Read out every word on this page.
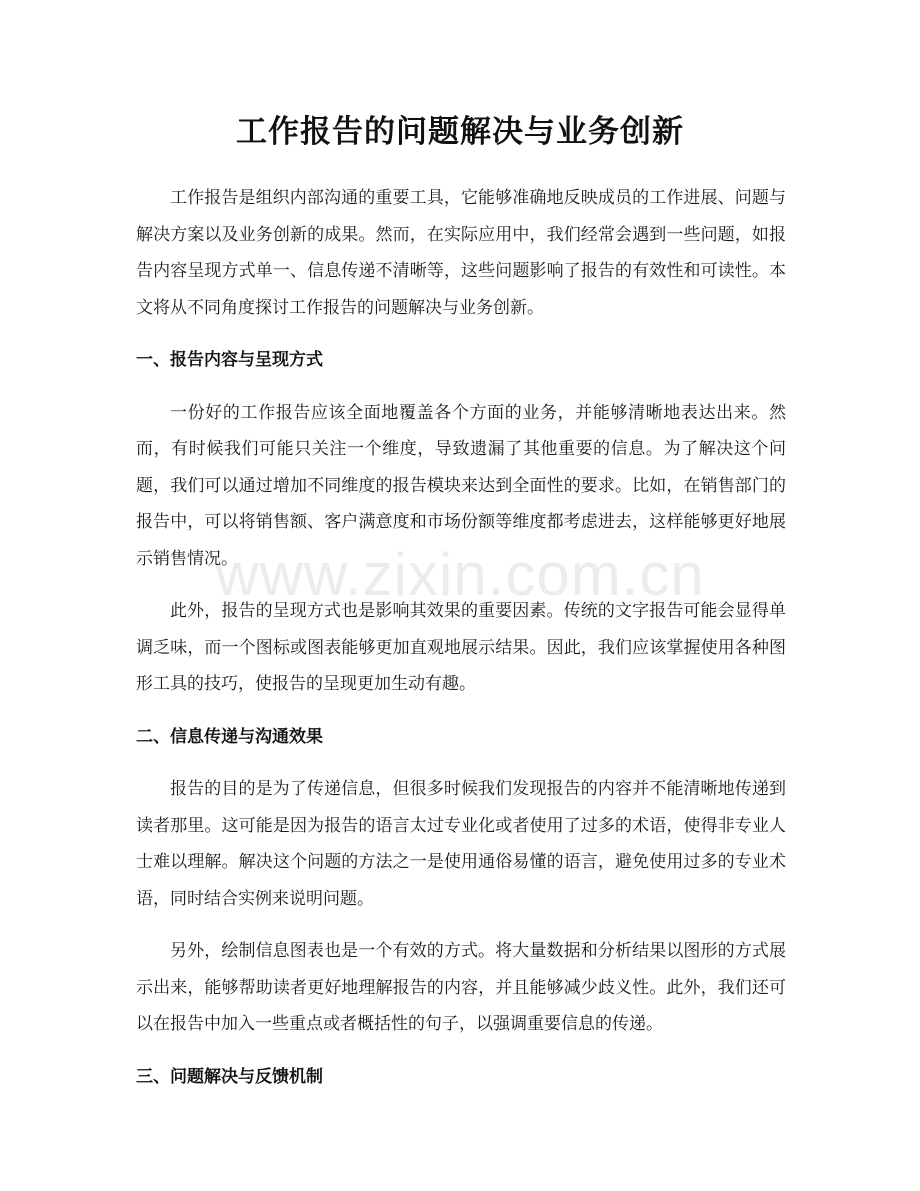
www.zixin.com.cn
工作报告的问题解决与业务创新

工作报告是组织内部沟通的重要工具，它能够准确地反映成员的工作进展、问题与解决方案以及业务创新的成果。然而，在实际应用中，我们经常会遇到一些问题，如报告内容呈现方式单一、信息传递不清晰等，这些问题影响了报告的有效性和可读性。本文将从不同角度探讨工作报告的问题解决与业务创新。

一、报告内容与呈现方式

一份好的工作报告应该全面地覆盖各个方面的业务，并能够清晰地表达出来。然而，有时候我们可能只关注一个维度，导致遗漏了其他重要的信息。为了解决这个问题，我们可以通过增加不同维度的报告模块来达到全面性的要求。比如，在销售部门的报告中，可以将销售额、客户满意度和市场份额等维度都考虑进去，这样能够更好地展示销售情况。

此外，报告的呈现方式也是影响其效果的重要因素。传统的文字报告可能会显得单调乏味，而一个图标或图表能够更加直观地展示结果。因此，我们应该掌握使用各种图形工具的技巧，使报告的呈现更加生动有趣。

二、信息传递与沟通效果

报告的目的是为了传递信息，但很多时候我们发现报告的内容并不能清晰地传递到读者那里。这可能是因为报告的语言太过专业化或者使用了过多的术语，使得非专业人士难以理解。解决这个问题的方法之一是使用通俗易懂的语言，避免使用过多的专业术语，同时结合实例来说明问题。

另外，绘制信息图表也是一个有效的方式。将大量数据和分析结果以图形的方式展示出来，能够帮助读者更好地理解报告的内容，并且能够减少歧义性。此外，我们还可以在报告中加入一些重点或者概括性的句子，以强调重要信息的传递。

三、问题解决与反馈机制
